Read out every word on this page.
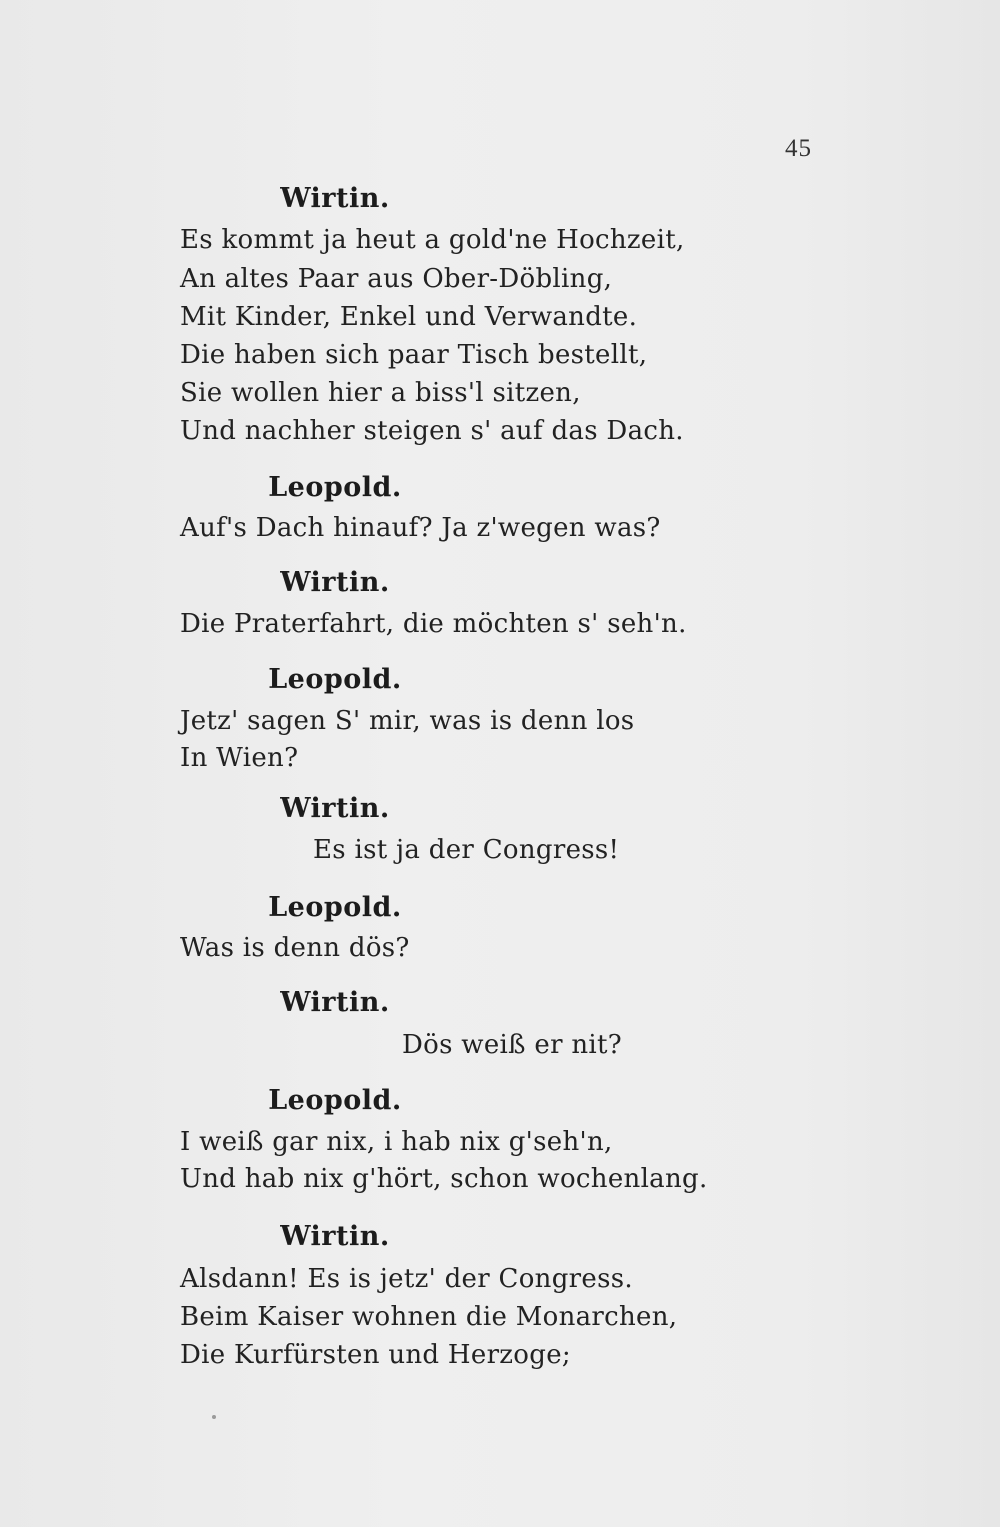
45
Wirtin.
Es kommt ja heut a gold'ne Hochzeit,
An altes Paar aus Ober-Döbling,
Mit Kinder, Enkel und Verwandte.
Die haben sich paar Tisch bestellt,
Sie wollen hier a biss'l sitzen,
Und nachher steigen s' auf das Dach.
Leopold.
Auf's Dach hinauf? Ja z'wegen was?
Wirtin.
Die Praterfahrt, die möchten s' seh'n.
Leopold.
Jetz' sagen S' mir, was is denn los
In Wien?
Wirtin.
Es ist ja der Congress!
Leopold.
Was is denn dös?
Wirtin.
Dös weiß er nit?
Leopold.
I weiß gar nix, i hab nix g'seh'n,
Und hab nix g'hört, schon wochenlang.
Wirtin.
Alsdann! Es is jetz' der Congress.
Beim Kaiser wohnen die Monarchen,
Die Kurfürsten und Herzoge;
